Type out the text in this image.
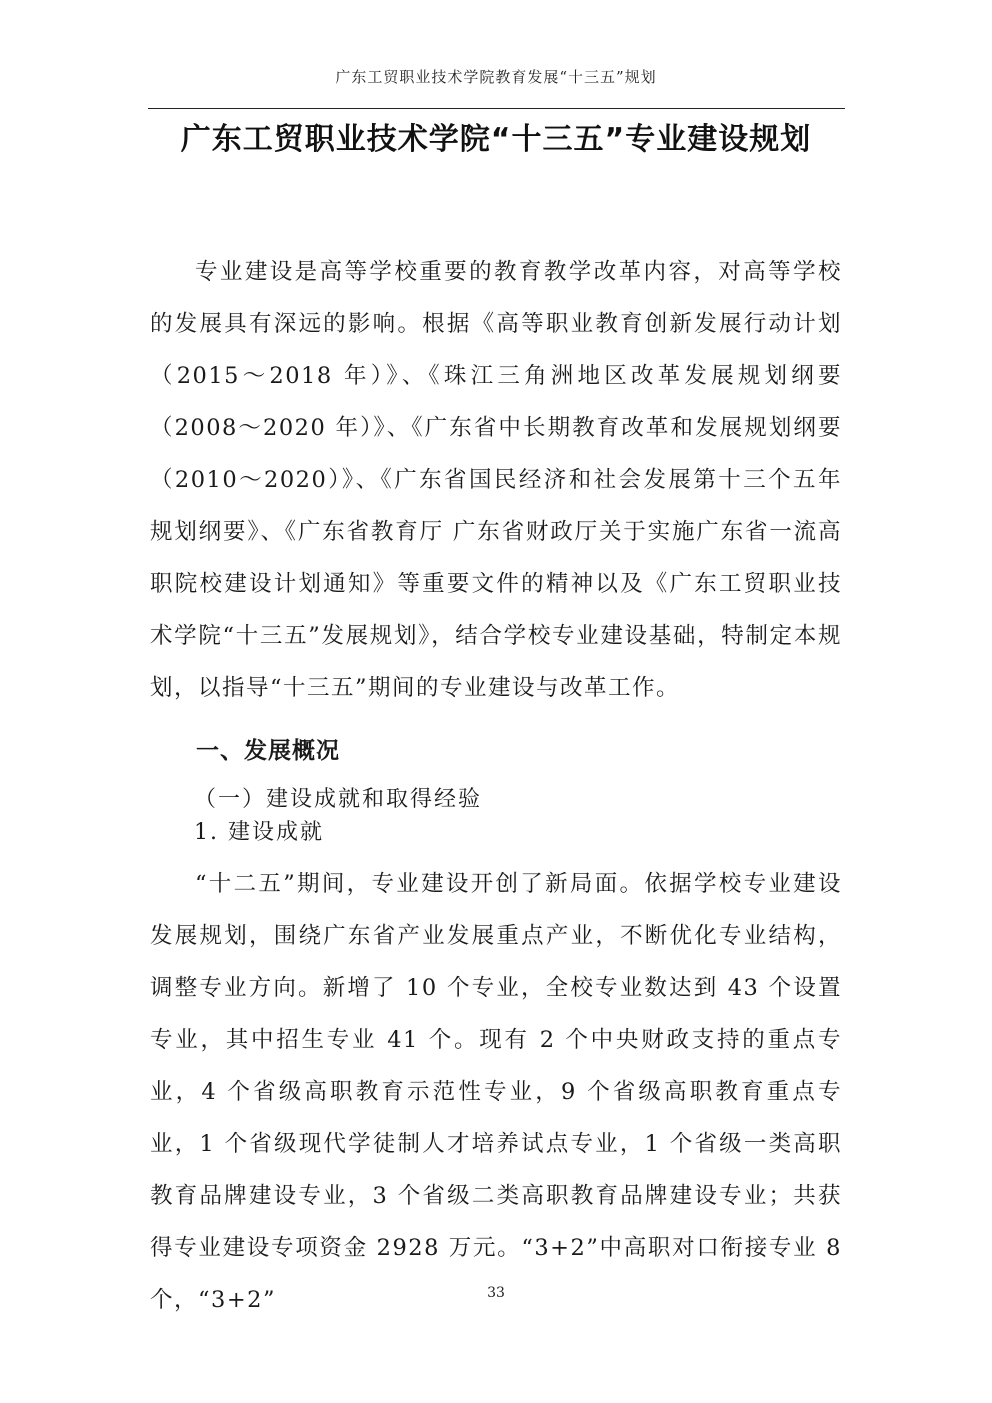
广东工贸职业技术学院教育发展“十三五”规划
广东工贸职业技术学院“十三五”专业建设规划

专业建设是高等学校重要的教育教学改革内容，对高等学校的发展具有深远的影响。根据《高等职业教育创新发展行动计划（2015～2018 年）》、《珠江三角洲地区改革发展规划纲要（2008～2020 年）》、《广东省中长期教育改革和发展规划纲要（2010～2020）》、《广东省国民经济和社会发展第十三个五年规划纲要》、《广东省教育厅 广东省财政厅关于实施广东省一流高职院校建设计划通知》等重要文件的精神以及《广东工贸职业技术学院“十三五”发展规划》，结合学校专业建设基础，特制定本规划，以指导“十三五”期间的专业建设与改革工作。

一、发展概况
（一）建设成就和取得经验
1. 建设成就

“十二五”期间，专业建设开创了新局面。依据学校专业建设发展规划，围绕广东省产业发展重点产业，不断优化专业结构，调整专业方向。新增了 10 个专业，全校专业数达到 43 个设置专业，其中招生专业 41 个。现有 2 个中央财政支持的重点专业，4 个省级高职教育示范性专业，9 个省级高职教育重点专业，1 个省级现代学徒制人才培养试点专业，1 个省级一类高职教育品牌建设专业，3 个省级二类高职教育品牌建设专业；共获得专业建设专项资金 2928 万元。“3+2”中高职对口衔接专业 8 个，“3+2”	33
